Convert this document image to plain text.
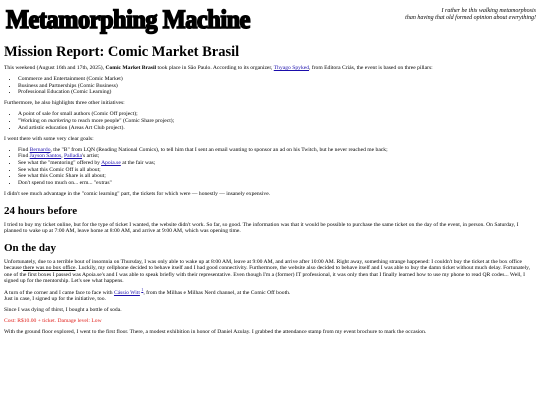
Metamorphing Machine	I rather be this walking metamorphosis
than having that old formed opinion about everything!
Mission Report: Comic Market Brasil

This weekend (August 16th and 17th, 2025), Comic Market Brasil took place in São Paulo. According to its organizer, Thyago Spyked, from Editora Criás, the event is based on three pillars:

• Commerce and Entertainment (Comic Market)
• Business and Partnerships (Comic Business)
• Professional Education (Comic Learning)

Furthermore, he also highlights three other initiatives:

• A point of sale for small authors (Comic Off project);
• "Working on marketing to reach more people" (Comic Share project);
• And artistic education (Areas Art Club project).

I went there with some very clear goals:

• Find Bernardo, the "B" from LQN (Reading National Comics), to tell him that I sent an email wanting to sponsor an ad on his Twitch, but he never reached me back;
• Find Jayson Santos, Palladia's artist;
• See what the "mentoring" offered by Apoia.se at the fair was;
• See what this Comic Off is all about;
• See what this Comic Share is all about;
• Don't spend too much on... erm... "extras"

I didn't see much advantage in the "comic learning" part, the tickets for which were — honestly — insanely expensive.

24 hours before

I tried to buy my ticket online, but for the type of ticket I wanted, the website didn't work. So far, so good. The information was that it would be possible to purchase the same ticket on the day of the event, in person. On Saturday, I planned to wake up at 7:00 AM, leave home at 8:00 AM, and arrive at 9:00 AM, which was opening time.

On the day

Unfortunately, due to a terrible bout of insomnia on Thursday, I was only able to wake up at 8:00 AM, leave at 9:00 AM, and arrive after 10:00 AM. Right away, something strange happened: I couldn't buy the ticket at the box office because there was no box office. Luckily, my cellphone decided to behave itself and I had good connectivity. Furthermore, the website also decided to behave itself and I was able to buy the damn ticket without much delay. Fortunately, one of the first boxes I passed was Apoia.se's and I was able to speak briefly with their representative. Even though I'm a (former) IT professional, it was only then that I finally learned how to use my phone to read QR codes... Well, I signed up for the mentorship. Let's see what happens.

A turn of the corner and I came face to face with Cássio Witt $^1$, from the Milhas e Milhas Nerd channel, at the Comic Off booth.
Just in case, I signed up for the initiative, too.

Since I was dying of thirst, I bought a bottle of soda.

Cost: R$10.00 + ticket. Damage level: Low

With the ground floor explored, I went to the first floor. There, a modest exhibition in honor of Daniel Azulay. I grabbed the attendance stamp from my event brochure to mark the occasion.
